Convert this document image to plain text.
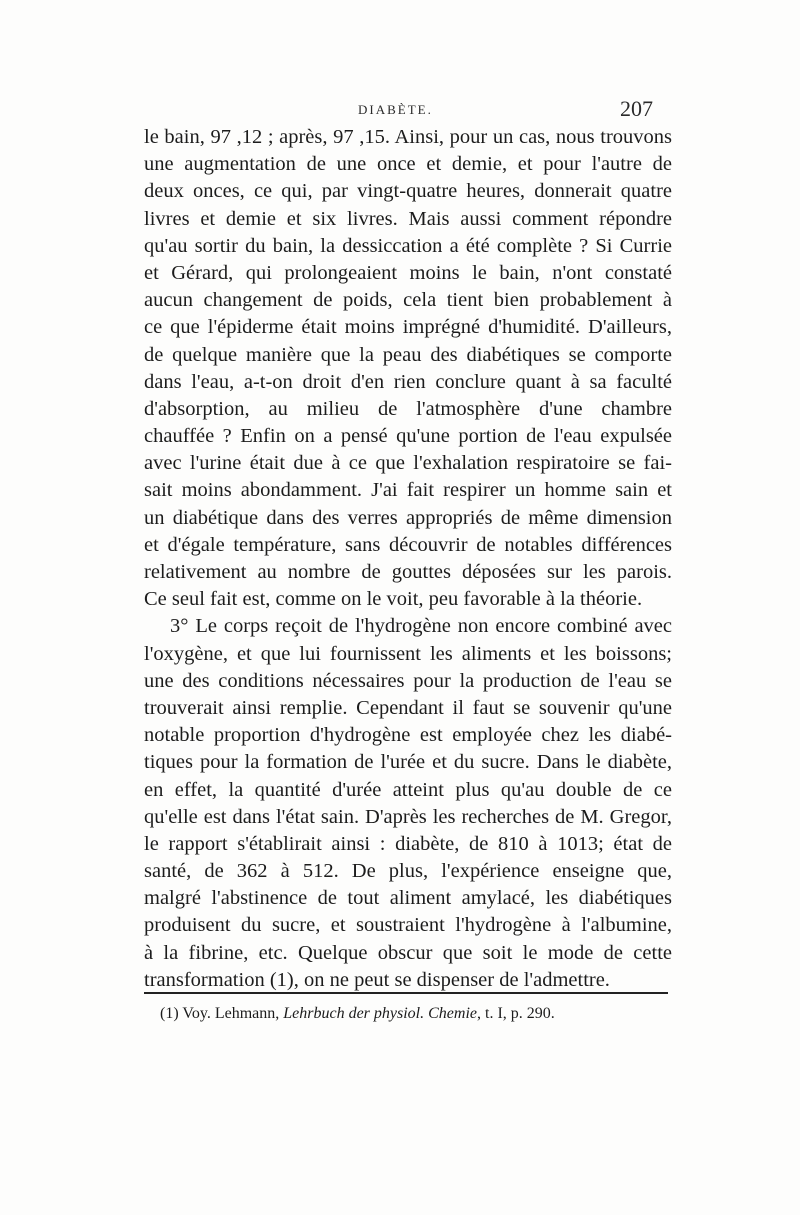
DIABÈTE.	207
le bain, 97 ,12 ; après, 97 ,15. Ainsi, pour un cas, nous trouvons
une augmentation de une once et demie, et pour l'autre de
deux onces, ce qui, par vingt-quatre heures, donnerait quatre
livres et demie et six livres. Mais aussi comment répondre
qu'au sortir du bain, la dessiccation a été complète ? Si Currie
et Gérard, qui prolongeaient moins le bain, n'ont constaté
aucun changement de poids, cela tient bien probablement à
ce que l'épiderme était moins imprégné d'humidité. D'ailleurs,
de quelque manière que la peau des diabétiques se comporte
dans l'eau, a-t-on droit d'en rien conclure quant à sa faculté
d'absorption, au milieu de l'atmosphère d'une chambre
chauffée ? Enfin on a pensé qu'une portion de l'eau expulsée
avec l'urine était due à ce que l'exhalation respiratoire se fai-
sait moins abondamment. J'ai fait respirer un homme sain et
un diabétique dans des verres appropriés de même dimension
et d'égale température, sans découvrir de notables différences
relativement au nombre de gouttes déposées sur les parois.
Ce seul fait est, comme on le voit, peu favorable à la théorie.
3° Le corps reçoit de l'hydrogène non encore combiné avec
l'oxygène, et que lui fournissent les aliments et les boissons;
une des conditions nécessaires pour la production de l'eau se
trouverait ainsi remplie. Cependant il faut se souvenir qu'une
notable proportion d'hydrogène est employée chez les diabé-
tiques pour la formation de l'urée et du sucre. Dans le diabète,
en effet, la quantité d'urée atteint plus qu'au double de ce
qu'elle est dans l'état sain. D'après les recherches de M. Gregor,
le rapport s'établirait ainsi : diabète, de 810 à 1013; état de
santé, de 362 à 512. De plus, l'expérience enseigne que,
malgré l'abstinence de tout aliment amylacé, les diabétiques
produisent du sucre, et soustraient l'hydrogène à l'albumine,
à la fibrine, etc. Quelque obscur que soit le mode de cette
transformation (1), on ne peut se dispenser de l'admettre.
(1) Voy. Lehmann, Lehrbuch der physiol. Chemie, t. I, p. 290.
